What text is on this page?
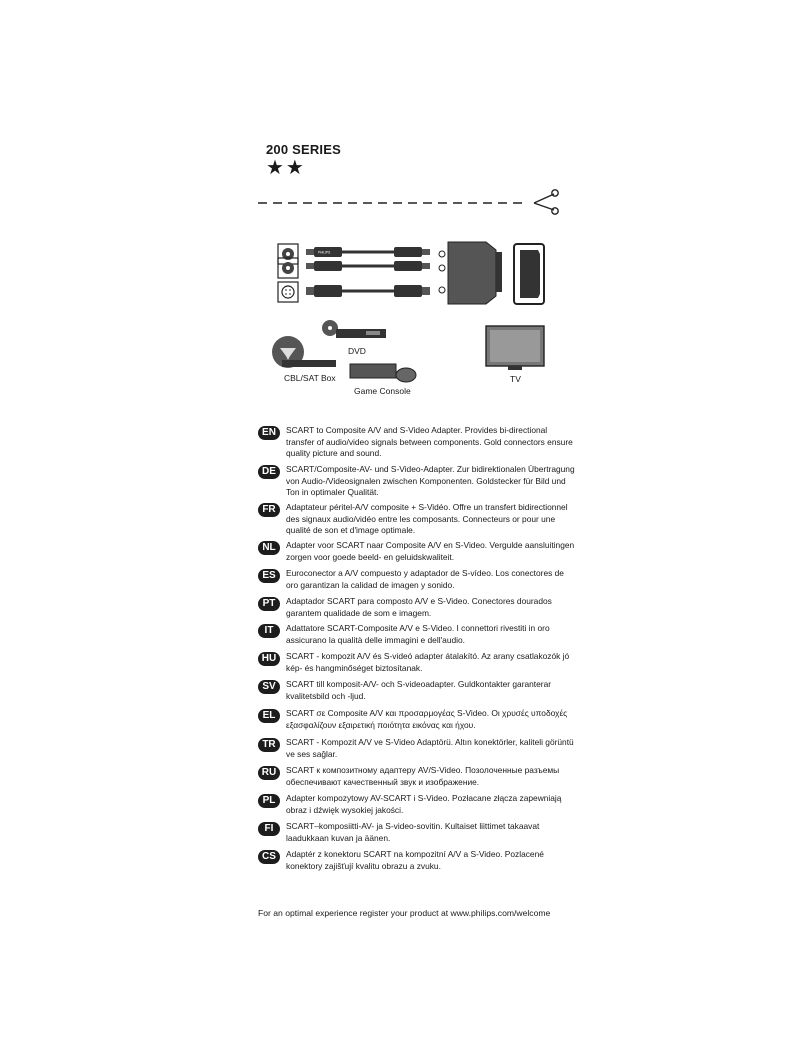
200 SERIES
★★
PHILIPS
DVD
CBL/SAT Box
Game Console
TV
EN	SCART to Composite A/V and S-Video Adapter. Provides bi-directional transfer of audio/video signals between components. Gold connectors ensure quality picture and sound.
DE	SCART/Composite-AV- und S-Video-Adapter. Zur bidirektionalen Übertragung von Audio-/Videosignalen zwischen Komponenten. Goldstecker für Bild und Ton in optimaler Qualität.
FR	Adaptateur péritel-A/V composite + S-Vidéo. Offre un transfert bidirectionnel des signaux audio/vidéo entre les composants. Connecteurs or pour une qualité de son et d'image optimale.
NL	Adapter voor SCART naar Composite A/V en S-Video. Vergulde aansluitingen zorgen voor goede beeld- en geluidskwaliteit.
ES	Euroconector a A/V compuesto y adaptador de S-vídeo. Los conectores de oro garantizan la calidad de imagen y sonido.
PT	Adaptador SCART para composto A/V e S-Video. Conectores dourados garantem qualidade de som e imagem.
IT	Adattatore SCART-Composite A/V e S-Video. I connettori rivestiti in oro assicurano la qualità delle immagini e dell'audio.
HU	SCART - kompozit A/V és S-videó adapter átalakító. Az arany csatlakozók jó kép- és hangminőséget biztosítanak.
SV	SCART till komposit-A/V- och S-videoadapter. Guldkontakter garanterar kvalitetsbild och -ljud.
EL	SCART σε Composite A/V και προσαρμογέας S-Video. Οι χρυσές υποδοχές εξασφαλίζουν εξαιρετική ποιότητα εικόνας και ήχου.
TR	SCART - Kompozit A/V ve S-Video Adaptörü. Altın konektörler, kaliteli görüntü ve ses sağlar.
RU	SCART к композитному адаптеру AV/S-Video. Позолоченные разъемы обеспечивают качественный звук и изображение.
PL	Adapter kompozytowy AV-SCART i S-Video. Pozłacane złącza zapewniają obraz i dźwięk wysokiej jakości.
FI	SCART–komposiitti-AV- ja S-video-sovitin. Kultaiset liittimet takaavat laadukkaan kuvan ja äänen.
CS	Adaptér z konektoru SCART na kompozitní A/V a S-Video. Pozlacené konektory zajišťují kvalitu obrazu a zvuku.
For an optimal experience register your product at www.philips.com/welcome
